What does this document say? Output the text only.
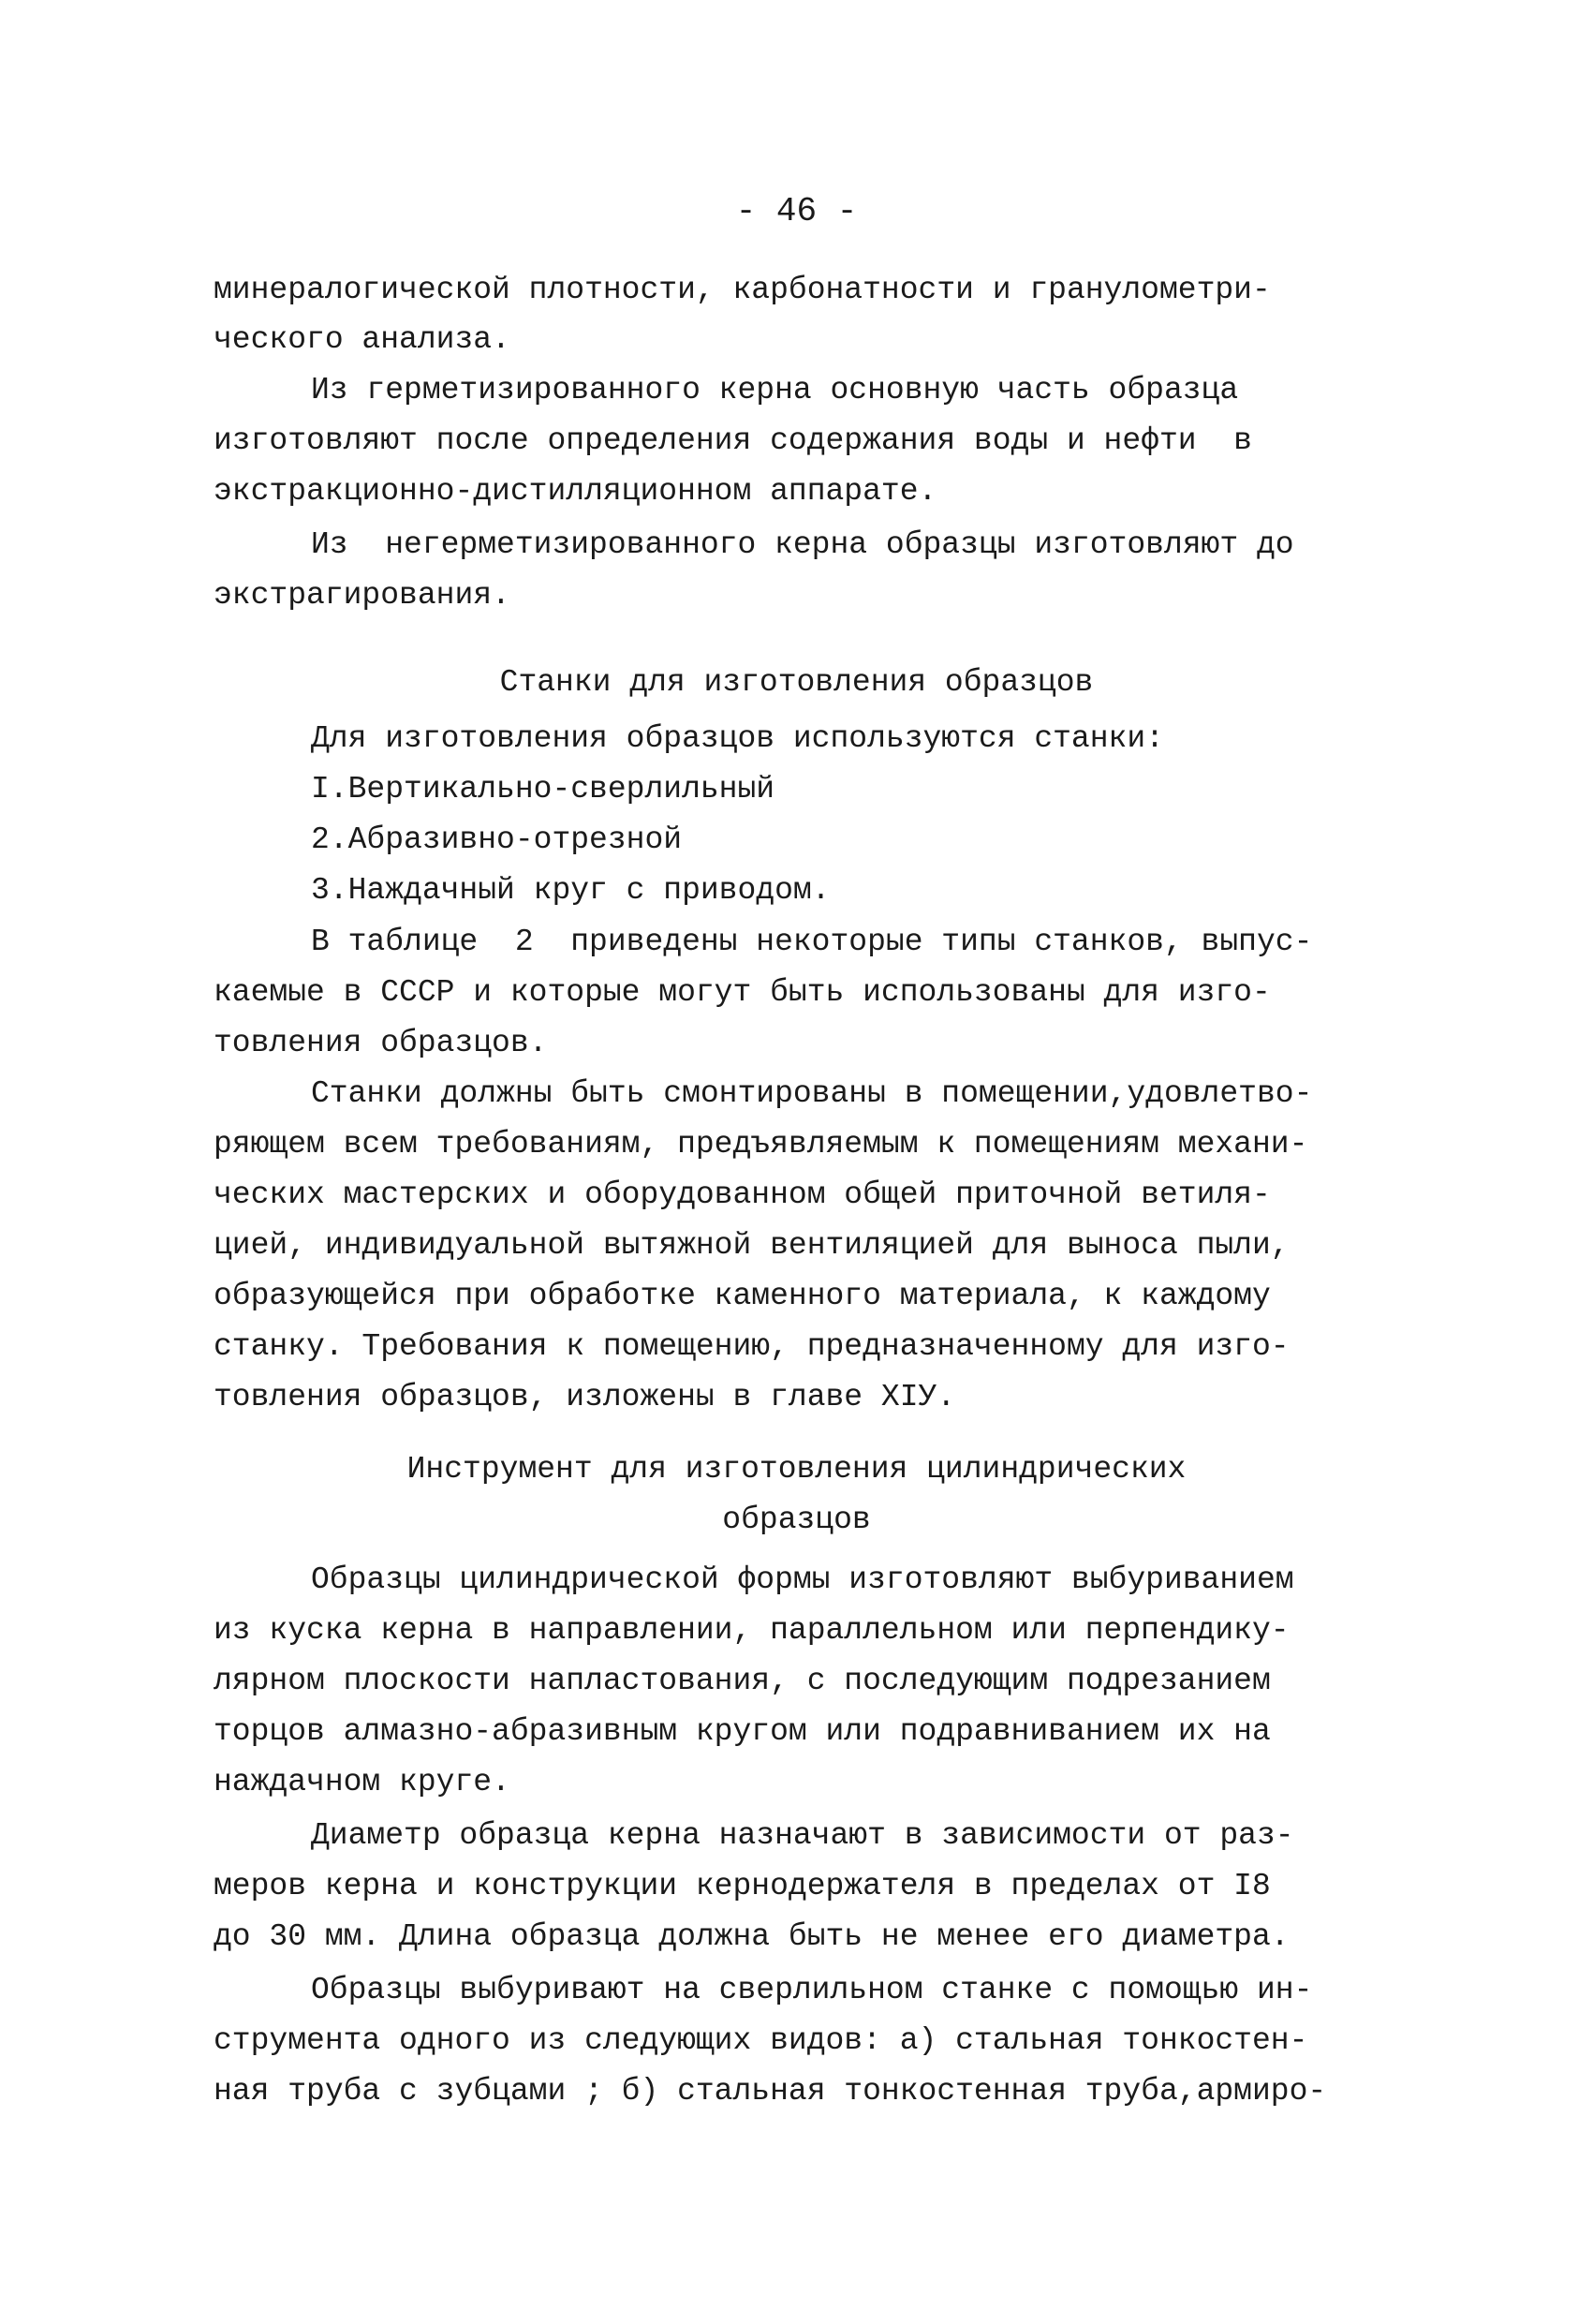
- 46 -
минералогической плотности, карбонатности и гранулометри-
ческого анализа.
Из герметизированного керна основную часть образца
изготовляют после определения содержания воды и нефти  в
экстракционно-дистилляционном аппарате.
Из  негерметизированного керна образцы изготовляют до
экстрагирования.
Станки для изготовления образцов
Для изготовления образцов используются станки:
I.Вертикально-сверлильный
2.Абразивно-отрезной
3.Наждачный круг с приводом.
В таблице  2  приведены некоторые типы станков, выпус-
каемые в СССР и которые могут быть использованы для изго-
товления образцов.
Станки должны быть смонтированы в помещении,удовлетво-
ряющем всем требованиям, предъявляемым к помещениям механи-
ческих мастерских и оборудованном общей приточной ветиля-
цией, индивидуальной вытяжной вентиляцией для выноса пыли,
образующейся при обработке каменного материала, к каждому
станку. Требования к помещению, предназначенному для изго-
товления образцов, изложены в главе XIУ.
Инструмент для изготовления цилиндрических
образцов
Образцы цилиндрической формы изготовляют выбуриванием
из куска керна в направлении, параллельном или перпендику-
лярном плоскости напластования, с последующим подрезанием
торцов алмазно-абразивным кругом или подравниванием их на
наждачном круге.
Диаметр образца керна назначают в зависимости от раз-
меров керна и конструкции кернодержателя в пределах от I8
до 30 мм. Длина образца должна быть не менее его диаметра.
Образцы выбуривают на сверлильном станке с помощью ин-
струмента одного из следующих видов: а) стальная тонкостен-
ная труба с зубцами ; б) стальная тонкостенная труба,армиро-
